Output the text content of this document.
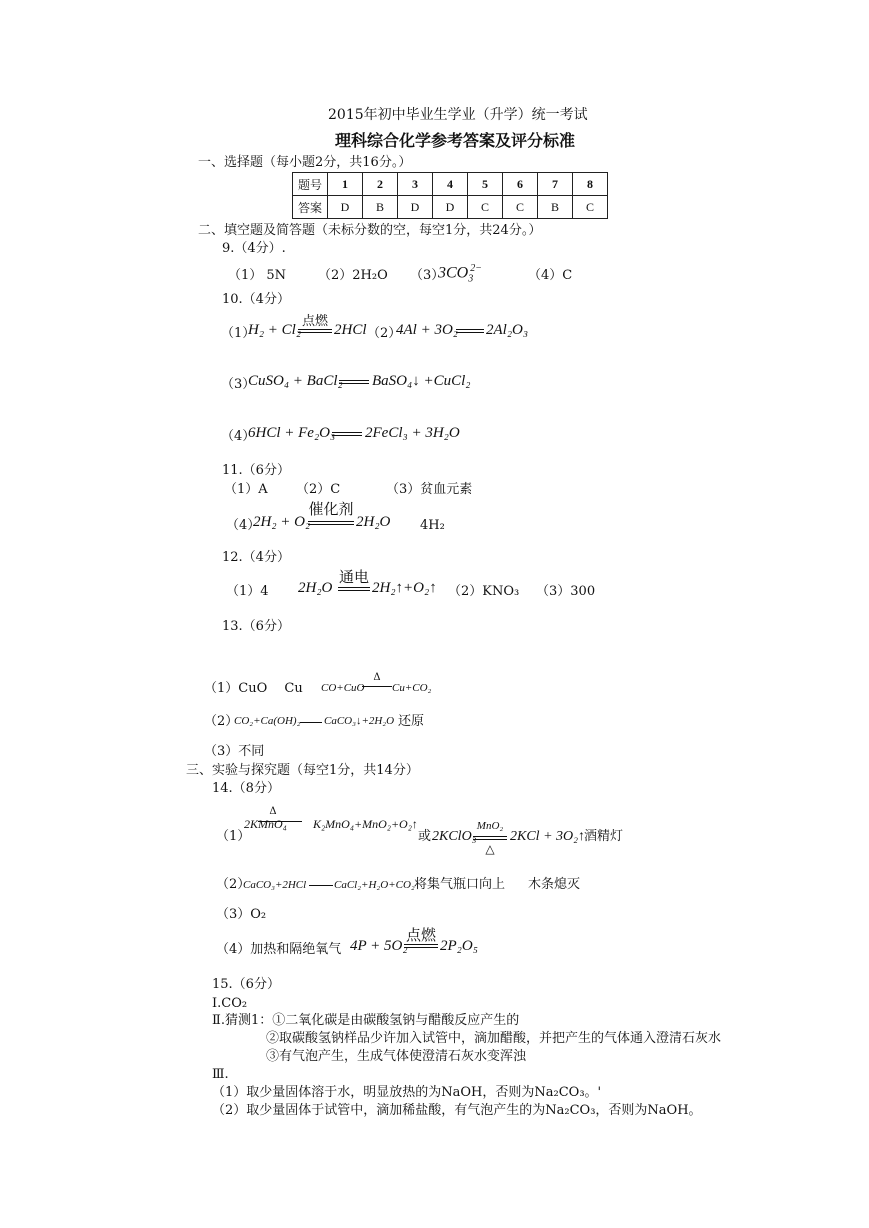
2015年初中毕业生学业（升学）统一考试
理科综合化学参考答案及评分标准
一、选择题（每小题2分，共16分。）
题号	1	2	3	4	5	6	7	8
答案	D	B	D	D	C	C	B	C
二、填空题及简答题（未标分数的空，每空1分，共24分。）
9.（4分）.
（1） 5N （2）2H₂O （3）
$3CO_3^{2-}$	（4）C
10.（4分）
（1）
H₂ + Cl₂
点燃
2HCl （2）
4Al + 3O₂ 2Al₂O₃
（3）
CuSO₄ + BaCl₂ BaSO₄↓ +CuCl₂
（4）
6HCl + Fe₂O₃ 2FeCl₃ + 3H₂O
11.（6分）
（1）A （2）C	（3）贫血元素
（4）
2H₂ + O₂
催化剂
2H₂O 4H₂
12.（4分）
（1）4 2H₂O
通电
2H₂↑+O₂↑ （2）KNO₃ （3）300
13.（6分）
（1）CuO　 Cu CO+CuO
Δ
Cu+CO₂
（2）
CO₂+Ca(OH)₂ CaCO₃↓+2H₂O 还原
（3）不同
三、实验与探究题（每空1分，共14分）
14.（8分）
（1）
2KMnO₄
Δ
K₂MnO₄+MnO₂+O₂↑
或 2KClO₃
MnO₂
△
2KCl + 3O₂↑ 酒精灯
（2）
CaCO₃+2HCl	CaCl₂+H₂O+CO₂↑
将集气瓶口向上 木条熄灭
（3）O₂
（4）加热和隔绝氧气 4P + 5O₂
点燃
2P₂O₅
15.（6分）
Ⅰ.CO₂
Ⅱ.猜测1：①二氧化碳是由碳酸氢钠与醋酸反应产生的
②取碳酸氢钠样品少许加入试管中，滴加醋酸，并把产生的气体通入澄清石灰水
③有气泡产生，生成气体使澄清石灰水变浑浊
Ⅲ.
（1）取少量固体溶于水，明显放热的为NaOH，否则为Na₂CO₃。'
（2）取少量固体于试管中，滴加稀盐酸，有气泡产生的为Na₂CO₃，否则为NaOH。
